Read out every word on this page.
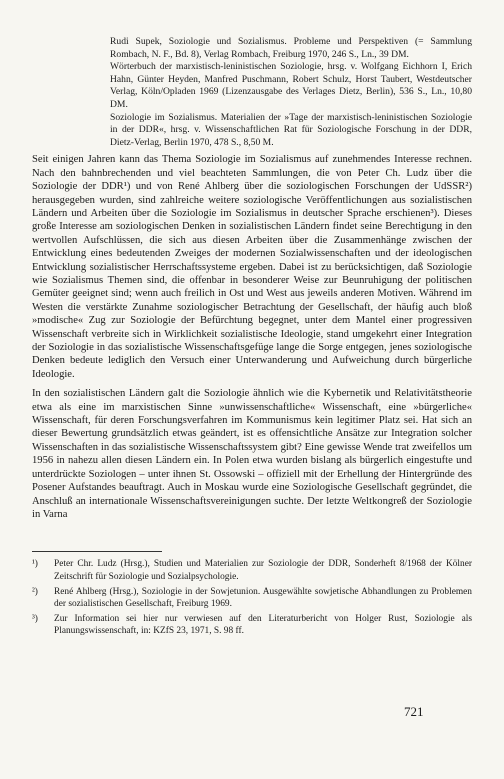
Rudi Supek, Soziologie und Sozialismus. Probleme und Perspektiven (= Sammlung Rombach, N. F., Bd. 8), Verlag Rombach, Freiburg 1970, 246 S., Ln., 39 DM.

Wörterbuch der marxistisch-leninistischen Soziologie, hrsg. v. Wolfgang Eichhorn I, Erich Hahn, Günter Heyden, Manfred Puschmann, Robert Schulz, Horst Taubert, Westdeutscher Verlag, Köln/Opladen 1969 (Lizenzausgabe des Verlages Dietz, Berlin), 536 S., Ln., 10,80 DM.

Soziologie im Sozialismus. Materialien der »Tage der marxistisch-leninistischen Soziologie in der DDR«, hrsg. v. Wissenschaftlichen Rat für Soziologische Forschung in der DDR, Dietz-Verlag, Berlin 1970, 478 S., 8,50 M.

Seit einigen Jahren kann das Thema Soziologie im Sozialismus auf zunehmendes Interesse rechnen. Nach den bahnbrechenden und viel beachteten Sammlungen, die von Peter Ch. Ludz über die Soziologie der DDR¹) und von René Ahlberg über die soziologischen Forschungen der UdSSR²) herausgegeben wurden, sind zahlreiche weitere soziologische Veröffentlichungen aus sozialistischen Ländern und Arbeiten über die Soziologie im Sozialismus in deutscher Sprache erschienen³). Dieses große Interesse am soziologischen Denken in sozialistischen Ländern findet seine Berechtigung in den wertvollen Aufschlüssen, die sich aus diesen Arbeiten über die Zusammenhänge zwischen der Entwicklung eines bedeutenden Zweiges der modernen Sozialwissenschaften und der ideologischen Entwicklung sozialistischer Herrschaftssysteme ergeben. Dabei ist zu berücksichtigen, daß Soziologie wie Sozialismus Themen sind, die offenbar in besonderer Weise zur Beunruhigung der politischen Gemüter geeignet sind; wenn auch freilich in Ost und West aus jeweils anderen Motiven. Während im Westen die verstärkte Zunahme soziologischer Betrachtung der Gesellschaft, der häufig auch bloß »modische« Zug zur Soziologie der Befürchtung begegnet, unter dem Mantel einer progressiven Wissenschaft verbreite sich in Wirklichkeit sozialistische Ideologie, stand umgekehrt einer Integration der Soziologie in das sozialistische Wissenschaftsgefüge lange die Sorge entgegen, jenes soziologische Denken bedeute lediglich den Versuch einer Unterwanderung und Aufweichung durch bürgerliche Ideologie.

In den sozialistischen Ländern galt die Soziologie ähnlich wie die Kybernetik und Relativitätstheorie etwa als eine im marxistischen Sinne »unwissenschaftliche« Wissenschaft, eine »bürgerliche« Wissenschaft, für deren Forschungsverfahren im Kommunismus kein legitimer Platz sei. Hat sich an dieser Bewertung grundsätzlich etwas geändert, ist es offensichtliche Ansätze zur Integration solcher Wissenschaften in das sozialistische Wissenschaftssystem gibt? Eine gewisse Wende trat zweifellos um 1956 in nahezu allen diesen Ländern ein. In Polen etwa wurden bislang als bürgerlich eingestufte und unterdrückte Soziologen – unter ihnen St. Ossowski – offiziell mit der Erhellung der Hintergründe des Posener Aufstandes beauftragt. Auch in Moskau wurde eine Soziologische Gesellschaft gegründet, die Anschluß an internationale Wissenschaftsvereinigungen suchte. Der letzte Weltkongreß der Soziologie in Varna

¹)	Peter Chr. Ludz (Hrsg.), Studien und Materialien zur Soziologie der DDR, Sonderheft 8/1968 der Kölner Zeitschrift für Soziologie und Sozialpsychologie.
²)	René Ahlberg (Hrsg.), Soziologie in der Sowjetunion. Ausgewählte sowjetische Abhandlungen zu Problemen der sozialistischen Gesellschaft, Freiburg 1969.
³)	Zur Information sei hier nur verwiesen auf den Literaturbericht von Holger Rust, Soziologie als Planungswissenschaft, in: KZfS 23, 1971, S. 98 ff.
721
